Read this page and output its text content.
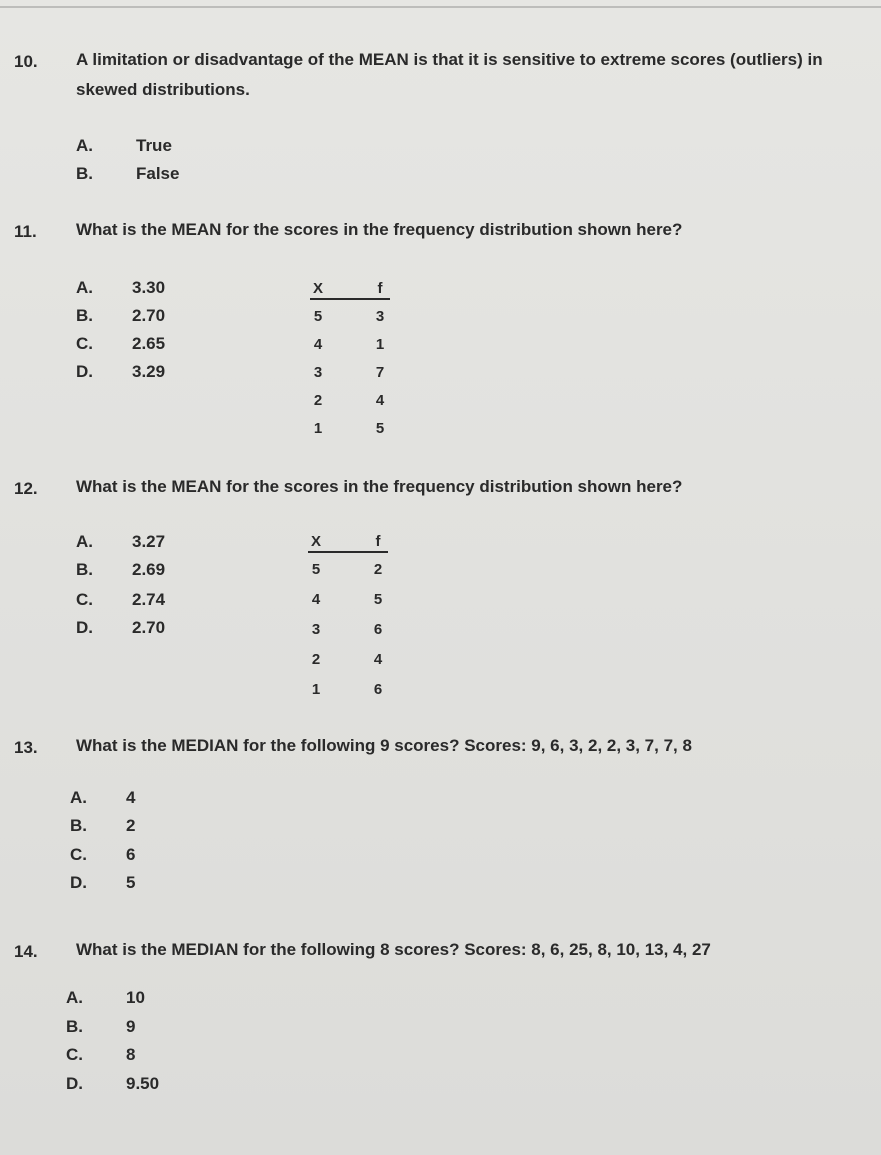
10. A limitation or disadvantage of the MEAN is that it is sensitive to extreme scores (outliers) in skewed distributions.
A.	True
B.	False
11. What is the MEAN for the scores in the frequency distribution shown here?
A. 3.30
B. 2.70
C. 2.65
D. 3.29
X	f
5	3
4	1
3	7
2	4
1	5
12. What is the MEAN for the scores in the frequency distribution shown here?
A. 3.27
B. 2.69
C. 2.74
D. 2.70
X	f
5	2
4	5
3	6
2	4
1	6
13. What is the MEDIAN for the following 9 scores? Scores: 9, 6, 3, 2, 2, 3, 7, 7, 8
A. 4
B. 2
C. 6
D. 5
14. What is the MEDIAN for the following 8 scores? Scores: 8, 6, 25, 8, 10, 13, 4, 27
A.	10
B.	9
C.	8
D.	9.50
